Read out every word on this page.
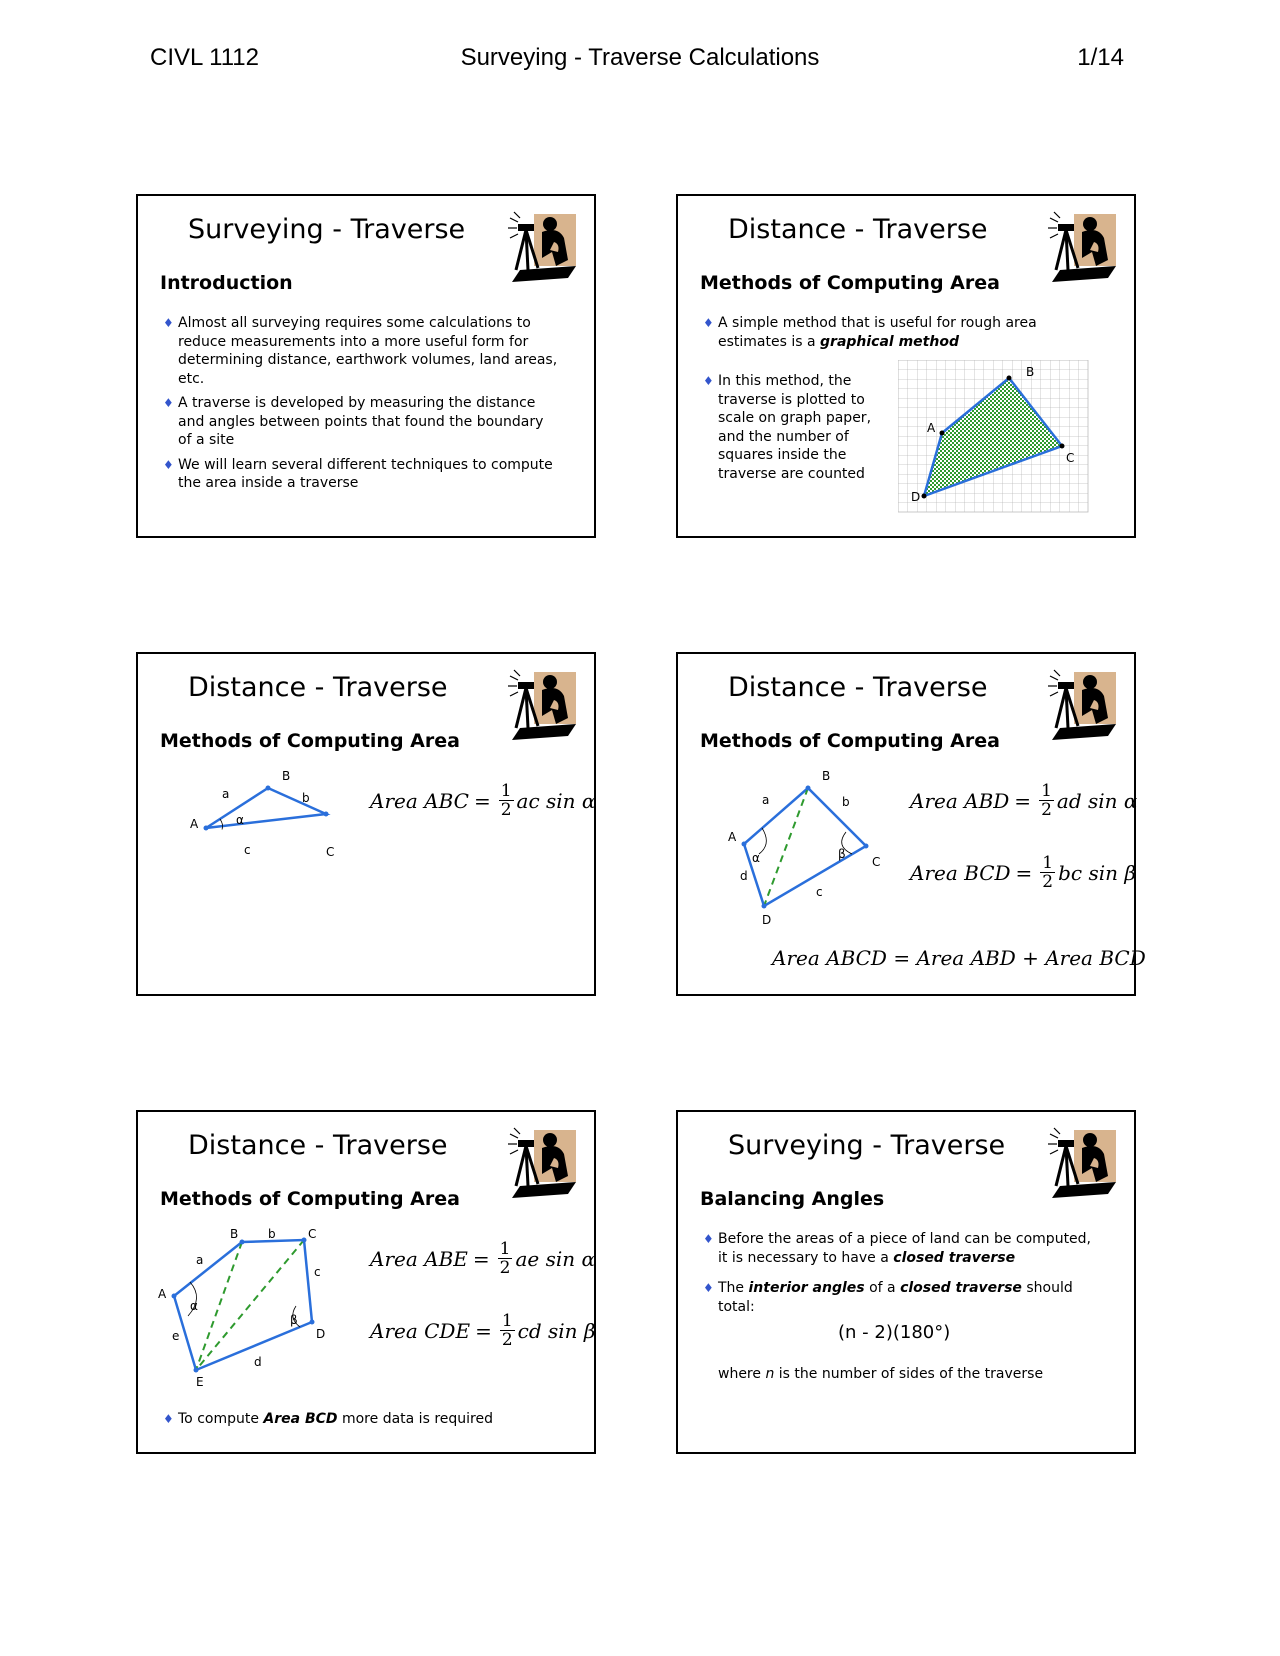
CIVL 1112	Surveying - Traverse Calculations	1/14
Surveying - Traverse
Introduction
♦ Almost all surveying requires some calculations to reduce measurements into a more useful form for determining distance, earthwork volumes, land areas, etc.
♦ A traverse is developed by measuring the distance and angles between points that found the boundary of a site
♦ We will learn several different techniques to compute the area inside a traverse
Distance - Traverse
Methods of Computing Area
♦ A simple method that is useful for rough area estimates is a graphical method
♦ In this method, the traverse is plotted to scale on graph paper, and the number of squares inside the traverse are counted
A
B
C
D
Distance - Traverse
Methods of Computing Area
A
B
C
a	b
c
α
Area ABC = $\frac{1}{2}$ ac sin α
Distance - Traverse
Methods of Computing Area
A
B
C
D
a	b
c
d
α	β
Area ABD = $\frac{1}{2}$ ad sin α
Area BCD = $\frac{1}{2}$ bc sin β
Area ABCD = Area ABD + Area BCD
Distance - Traverse
Methods of Computing Area
A
B	C
D
E
a
b
c
d
e
α
β
Area ABE = $\frac{1}{2}$ ae sin α
Area CDE = $\frac{1}{2}$ cd sin β
♦ To compute Area BCD more data is required
Surveying - Traverse
Balancing Angles
♦ Before the areas of a piece of land can be computed, it is necessary to have a closed traverse
♦ The interior angles of a closed traverse should total:
(n - 2)(180°)
where n is the number of sides of the traverse
